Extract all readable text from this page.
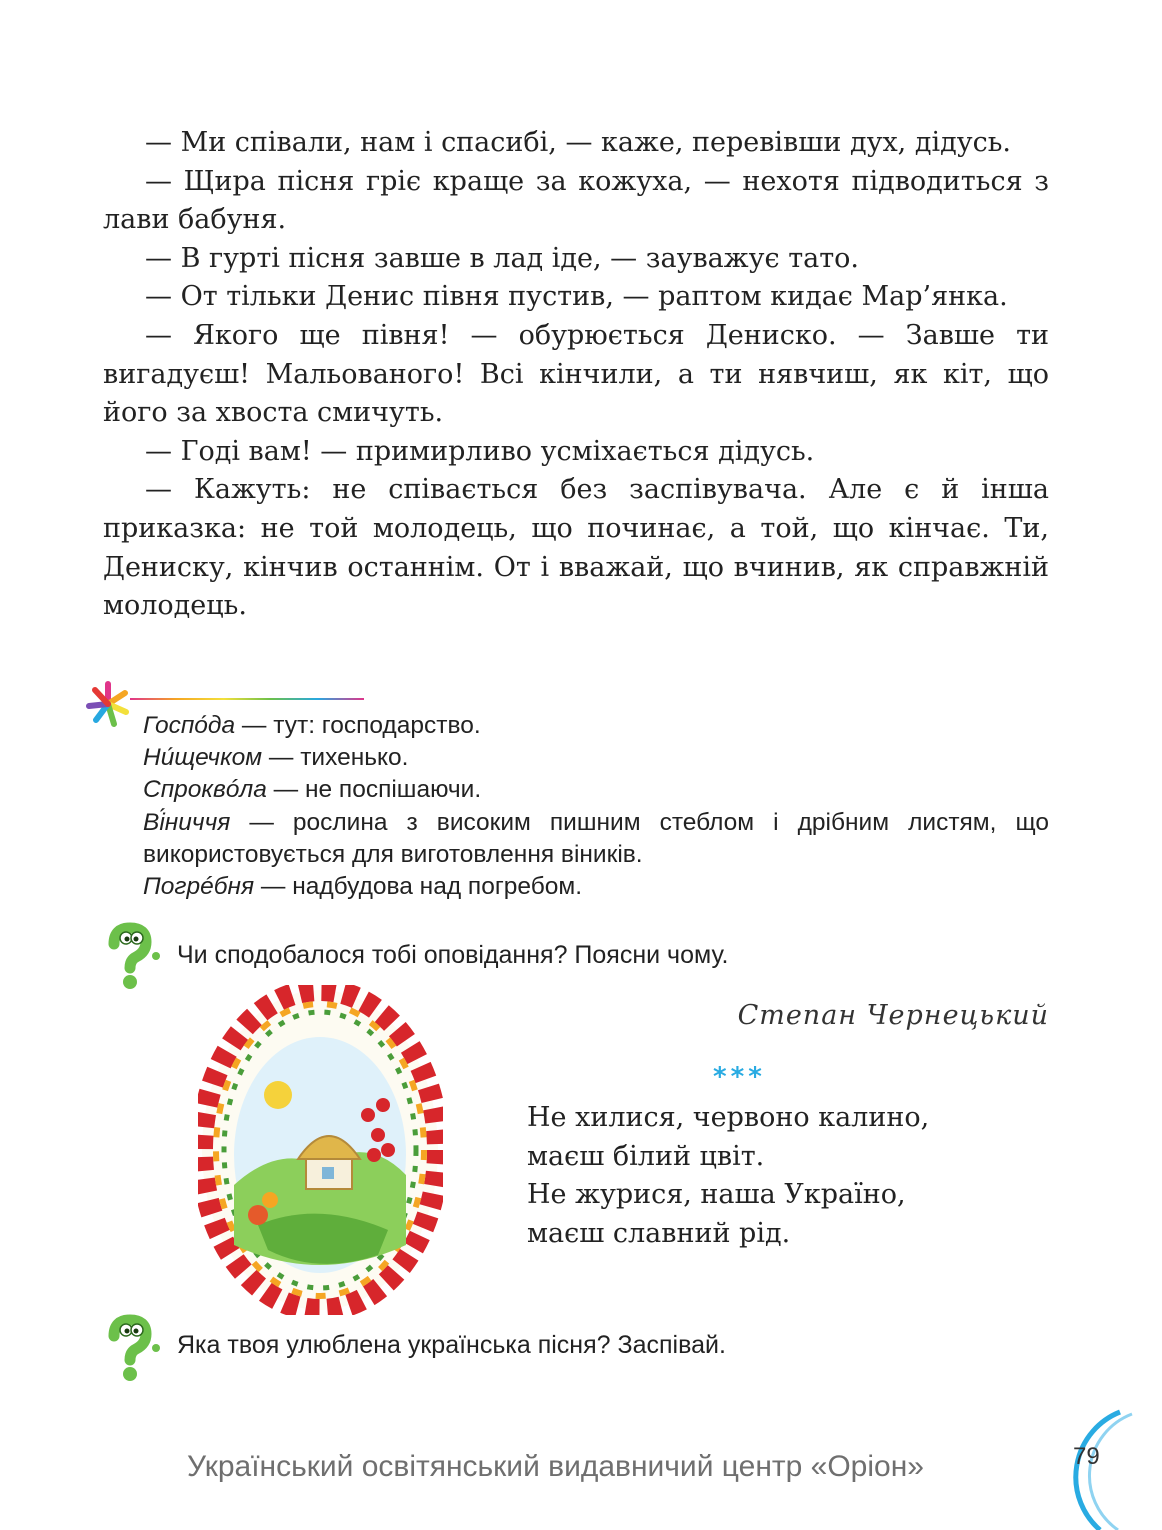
— Ми співали, нам і спасибі, — каже, перевівши дух, дідусь.

— Щира пісня гріє краще за кожуха, — нехотя підводиться з лави бабуня.

— В гурті пісня завше в лад іде, — зауважує тато.

— От тільки Денис півня пустив, — раптом кидає Мар’янка.

— Якого ще півня! — обурюється Дениско. — Завше ти вигадуєш! Мальованого! Всі кінчили, а ти нявчиш, як кіт, що його за хвоста смичуть.

— Годі вам! — примирливо усміхається дідусь.

— Кажуть: не співається без заспівувача. Але є й інша приказка: не той молодець, що починає, а той, що кінчає. Ти, Дениску, кінчив останнім. От і вважай, що вчинив, як справжній молодець.

Госпо́да — тут: господарство.

Ни́щечком — тихенько.

Спроквóла — не поспішаючи.

Ві́ниччя — рослина з високим пишним стеблом і дрібним листям, що використовується для виготовлення віників.

Погрéбня — надбудова над погребом.

Чи сподобалося тобі оповідання? Поясни чому.
Степан Чернецький
***
Не хилися, червоно калино,
маєш білий цвіт.
Не журися, наша Україно,
маєш славний рід.
Яка твоя улюблена українська пісня? Заспівай.
Український освітянський видавничий центр «Оріон»	79
